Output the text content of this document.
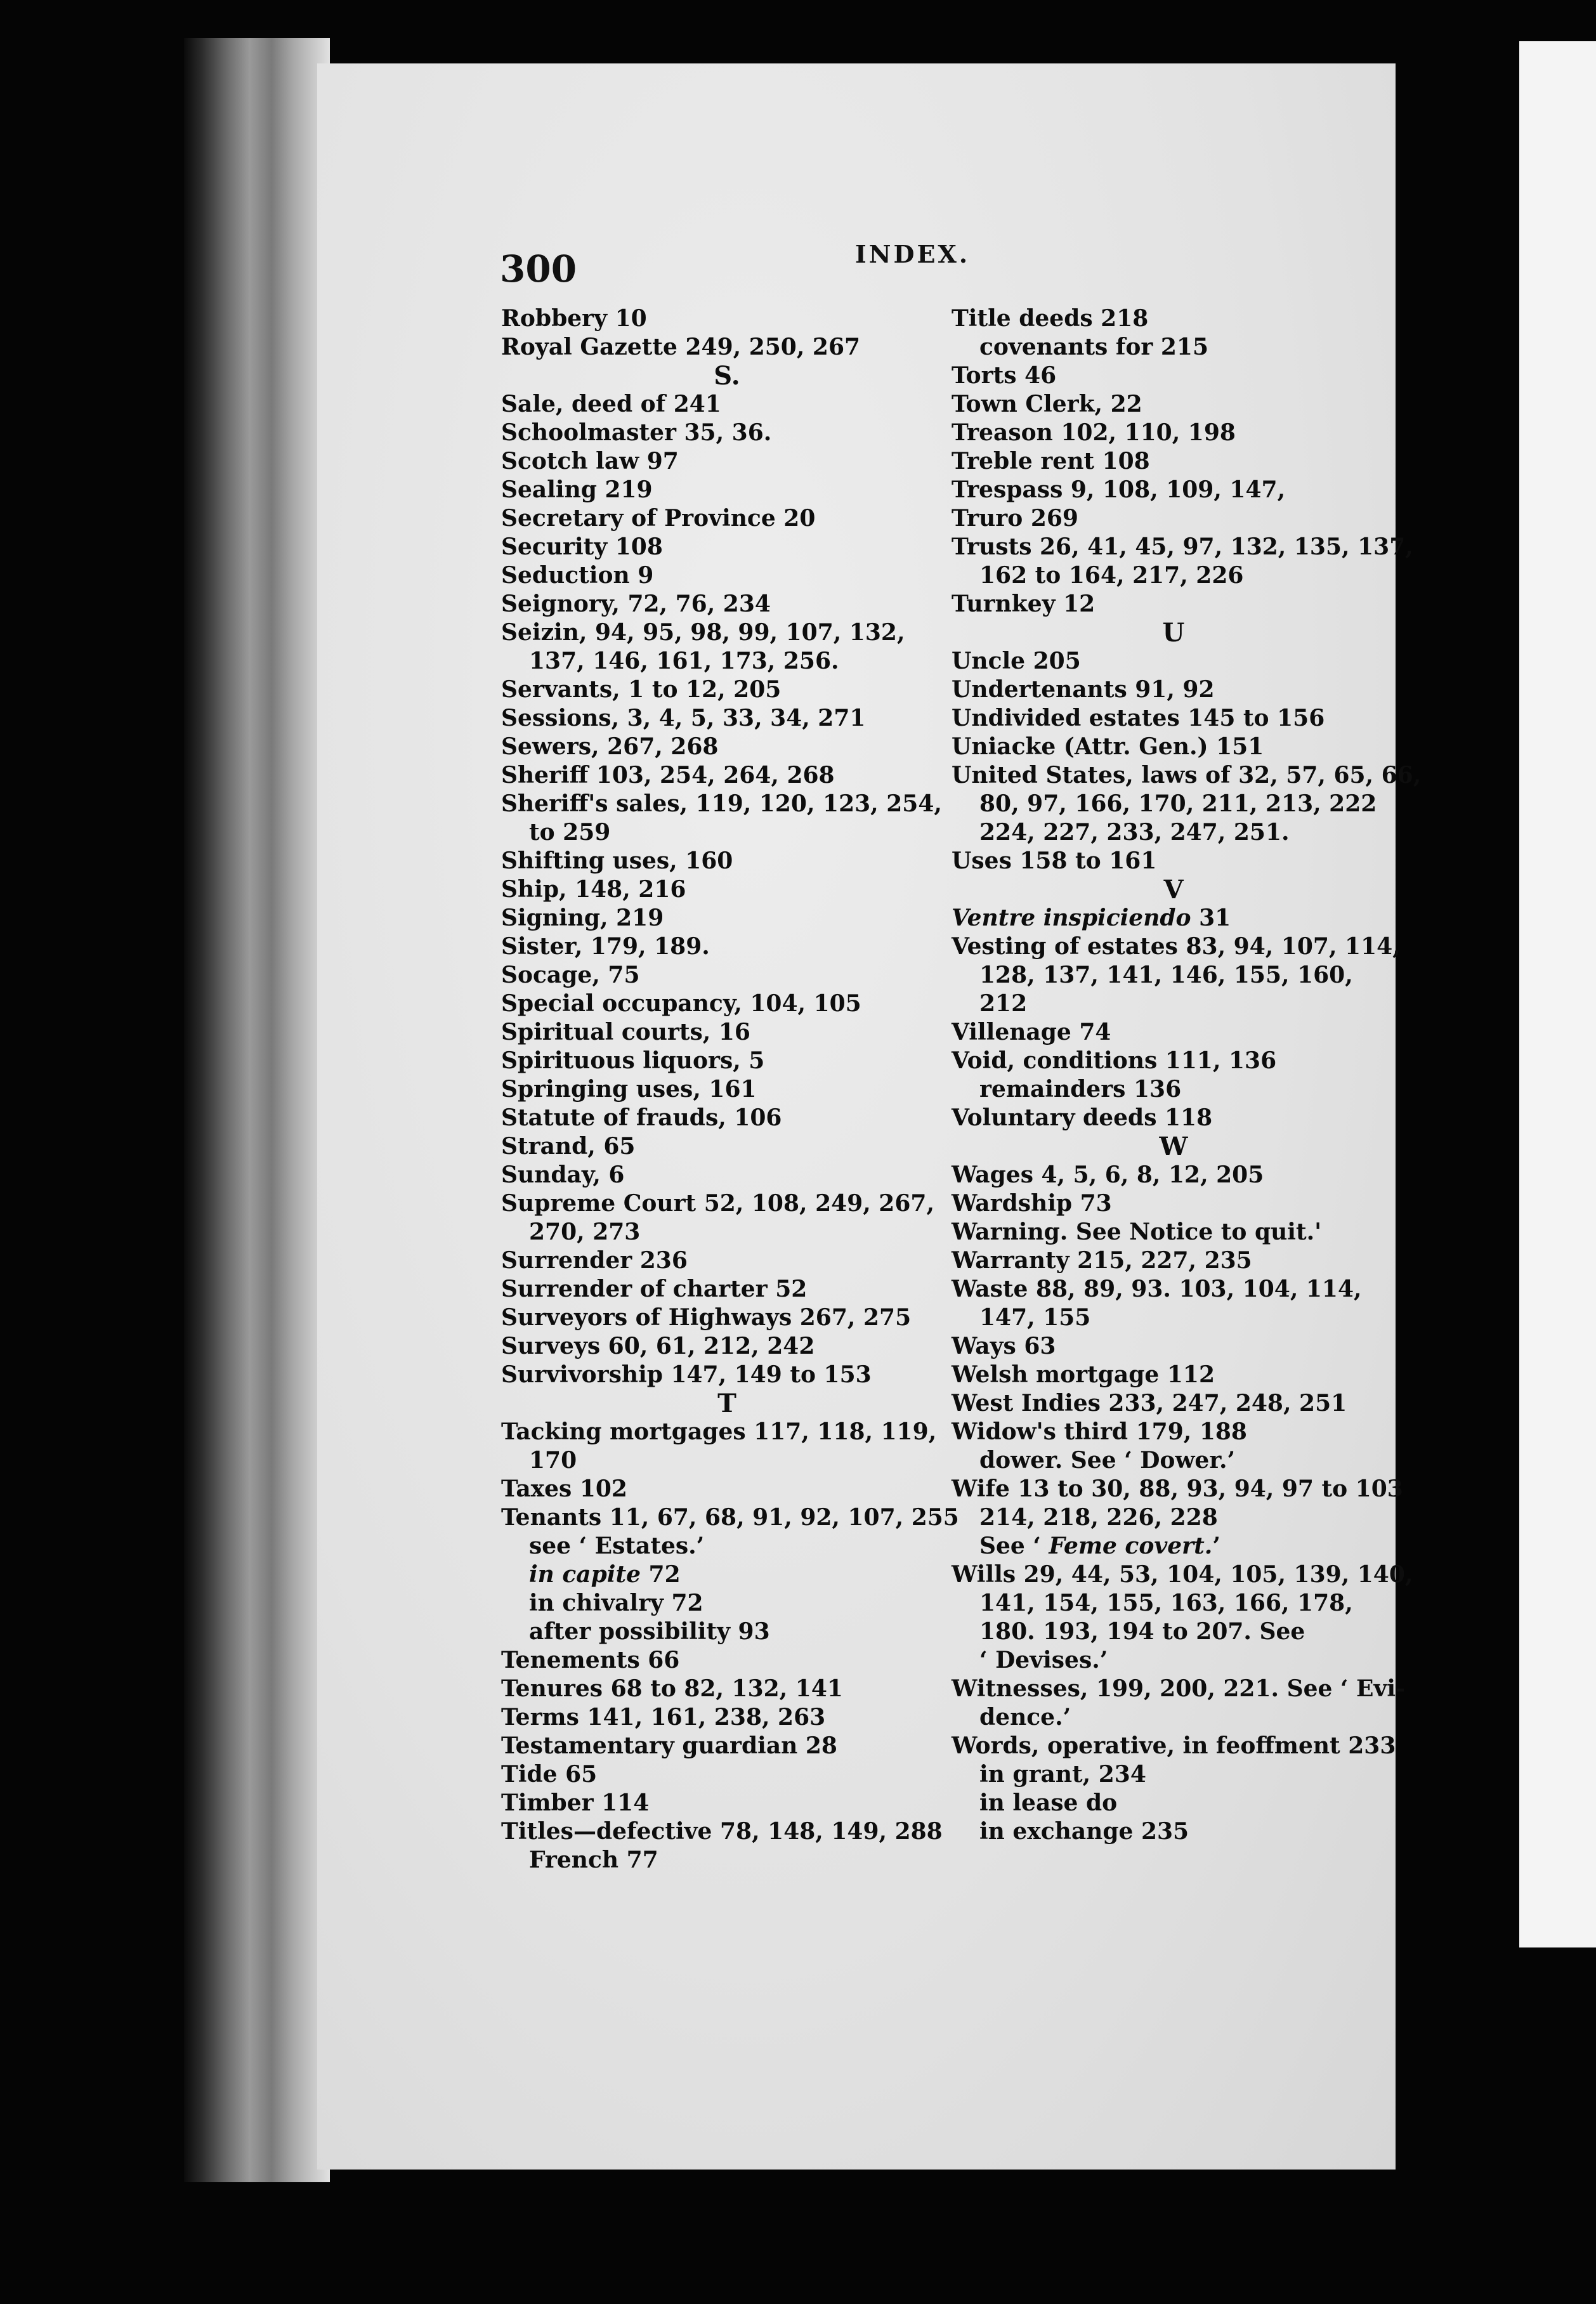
300	INDEX.
Robbery 10
Royal Gazette 249, 250, 267
S.
Sale, deed of 241
Schoolmaster 35, 36.
Scotch law 97
Sealing 219
Secretary of Province 20
Security 108
Seduction 9
Seignory, 72, 76, 234
Seizin, 94, 95, 98, 99, 107, 132,
137, 146, 161, 173, 256.
Servants, 1 to 12, 205
Sessions, 3, 4, 5, 33, 34, 271
Sewers, 267, 268
Sheriff 103, 254, 264, 268
Sheriff's sales, 119, 120, 123, 254,
to 259
Shifting uses, 160
Ship, 148, 216
Signing, 219
Sister, 179, 189.
Socage, 75
Special occupancy, 104, 105
Spiritual courts, 16
Spirituous liquors, 5
Springing uses, 161
Statute of frauds, 106
Strand, 65
Sunday, 6
Supreme Court 52, 108, 249, 267,
270, 273
Surrender 236
Surrender of charter 52
Surveyors of Highways 267, 275
Surveys 60, 61, 212, 242
Survivorship 147, 149 to 153
T
Tacking mortgages 117, 118, 119,
170
Taxes 102
Tenants 11, 67, 68, 91, 92, 107, 255
see ‘ Estates.’
in capite 72
in chivalry 72
after possibility 93
Tenements 66
Tenures 68 to 82, 132, 141
Terms 141, 161, 238, 263
Testamentary guardian 28
Tide 65
Timber 114
Titles—defective 78, 148, 149, 288
French 77
Title deeds 218
covenants for 215
Torts 46
Town Clerk, 22
Treason 102, 110, 198
Treble rent 108
Trespass 9, 108, 109, 147,
Truro 269
Trusts 26, 41, 45, 97, 132, 135, 137,
162 to 164, 217, 226
Turnkey 12
U
Uncle 205
Undertenants 91, 92
Undivided estates 145 to 156
Uniacke (Attr. Gen.) 151
United States, laws of 32, 57, 65, 66,
80, 97, 166, 170, 211, 213, 222
224, 227, 233, 247, 251.
Uses 158 to 161
V
Ventre inspiciendo 31
Vesting of estates 83, 94, 107, 114,
128, 137, 141, 146, 155, 160,
212
Villenage 74
Void, conditions 111, 136
remainders 136
Voluntary deeds 118
W
Wages 4, 5, 6, 8, 12, 205
Wardship 73
Warning. See Notice to quit.'
Warranty 215, 227, 235
Waste 88, 89, 93. 103, 104, 114,
147, 155
Ways 63
Welsh mortgage 112
West Indies 233, 247, 248, 251
Widow's third 179, 188
dower. See ‘ Dower.’
Wife 13 to 30, 88, 93, 94, 97 to 103
214, 218, 226, 228
See ‘ Feme covert.’
Wills 29, 44, 53, 104, 105, 139, 140,
141, 154, 155, 163, 166, 178,
180. 193, 194 to 207. See
‘ Devises.’
Witnesses, 199, 200, 221. See ‘ Evi-
dence.’
Words, operative, in feoffment 233
in grant, 234
in lease do
in exchange 235
